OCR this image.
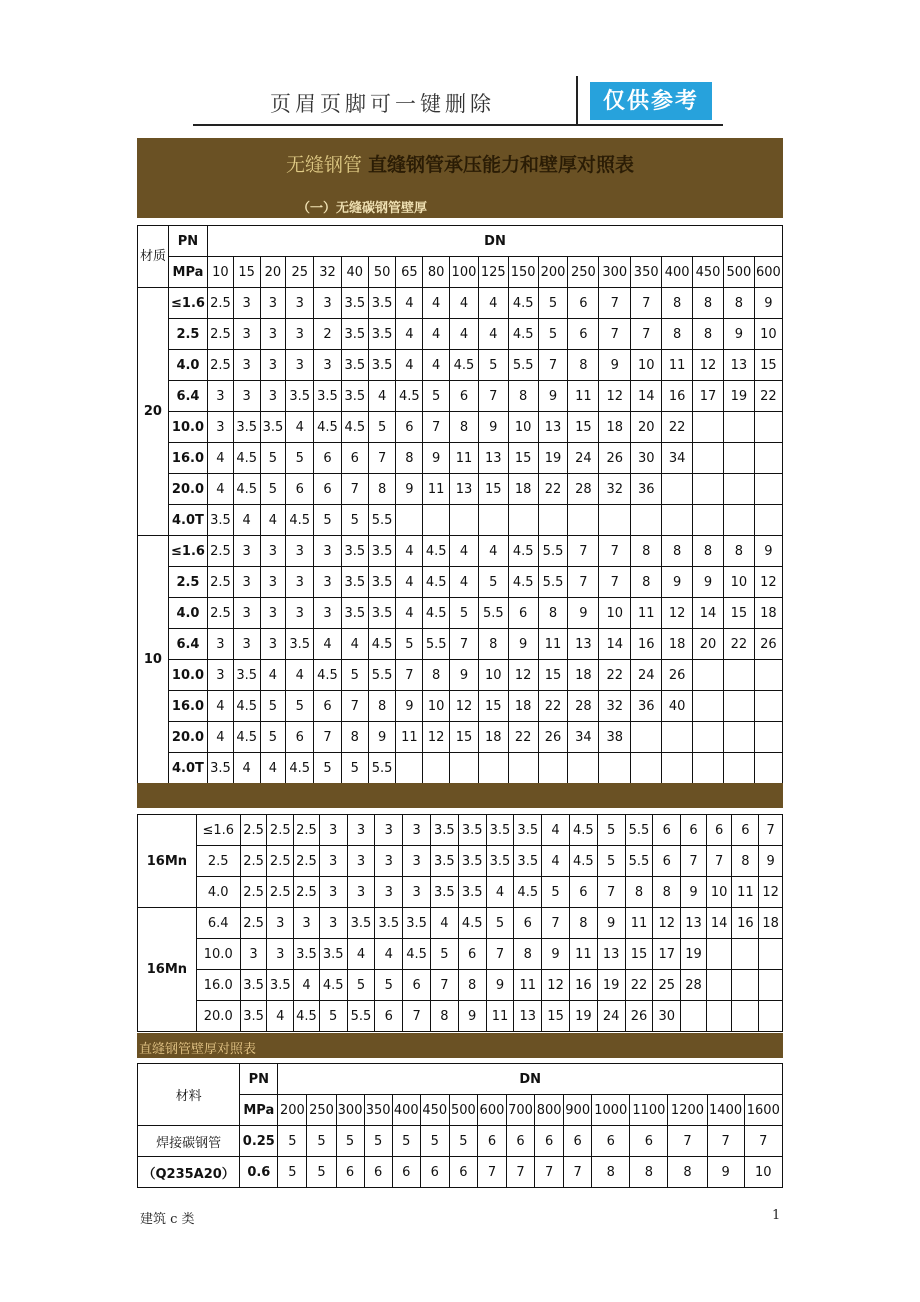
页眉页脚可一键删除	仅供参考
无缝钢管 直缝钢管承压能力和壁厚对照表
（一）无缝碳钢管壁厚
材质	PN	DN																			
	MPa	10	15	20	25	32	40	50	65	80	100	125	150	200	250	300	350	400	450	500	600
20	≤1.6	2.5	3	3	3	3	3.5	3.5	4	4	4	4	4.5	5	6	7	7	8	8	8	9
	2.5	2.5	3	3	3	2	3.5	3.5	4	4	4	4	4.5	5	6	7	7	8	8	9	10
	4.0	2.5	3	3	3	3	3.5	3.5	4	4	4.5	5	5.5	7	8	9	10	11	12	13	15
	6.4	3	3	3	3.5	3.5	3.5	4	4.5	5	6	7	8	9	11	12	14	16	17	19	22
	10.0	3	3.5	3.5	4	4.5	4.5	5	6	7	8	9	10	13	15	18	20	22			
	16.0	4	4.5	5	5	6	6	7	8	9	11	13	15	19	24	26	30	34			
	20.0	4	4.5	5	6	6	7	8	9	11	13	15	18	22	28	32	36				
	4.0T	3.5	4	4	4.5	5	5	5.5													
10	≤1.6	2.5	3	3	3	3	3.5	3.5	4	4.5	4	4	4.5	5.5	7	7	8	8	8	8	9
	2.5	2.5	3	3	3	3	3.5	3.5	4	4.5	4	5	4.5	5.5	7	7	8	9	9	10	12
	4.0	2.5	3	3	3	3	3.5	3.5	4	4.5	5	5.5	6	8	9	10	11	12	14	15	18
	6.4	3	3	3	3.5	4	4	4.5	5	5.5	7	8	9	11	13	14	16	18	20	22	26
	10.0	3	3.5	4	4	4.5	5	5.5	7	8	9	10	12	15	18	22	24	26			
	16.0	4	4.5	5	5	6	7	8	9	10	12	15	18	22	28	32	36	40			
	20.0	4	4.5	5	6	7	8	9	11	12	15	18	22	26	34	38					
	4.0T	3.5	4	4	4.5	5	5	5.5													
16Mn	≤1.6	2.5	2.5	2.5	3	3	3	3	3.5	3.5	3.5	3.5	4	4.5	5	5.5	6	6	6	6	7
	2.5	2.5	2.5	2.5	3	3	3	3	3.5	3.5	3.5	3.5	4	4.5	5	5.5	6	7	7	8	9
	4.0	2.5	2.5	2.5	3	3	3	3	3.5	3.5	4	4.5	5	6	7	8	8	9	10	11	12
16Mn	6.4	2.5	3	3	3	3.5	3.5	3.5	4	4.5	5	6	7	8	9	11	12	13	14	16	18
	10.0	3	3	3.5	3.5	4	4	4.5	5	6	7	8	9	11	13	15	17	19			
	16.0	3.5	3.5	4	4.5	5	5	6	7	8	9	11	12	16	19	22	25	28			
	20.0	3.5	4	4.5	5	5.5	6	7	8	9	11	13	15	19	24	26	30				
直缝钢管壁厚对照表
材料	PN	DN															
	MPa	200	250	300	350	400	450	500	600	700	800	900	1000	1100	1200	1400	1600
焊接碳钢管	0.25	5	5	5	5	5	5	5	6	6	6	6	6	6	7	7	7
（Q235A20）	0.6	5	5	6	6	6	6	6	7	7	7	7	8	8	8	9	10
建筑 c 类	1
